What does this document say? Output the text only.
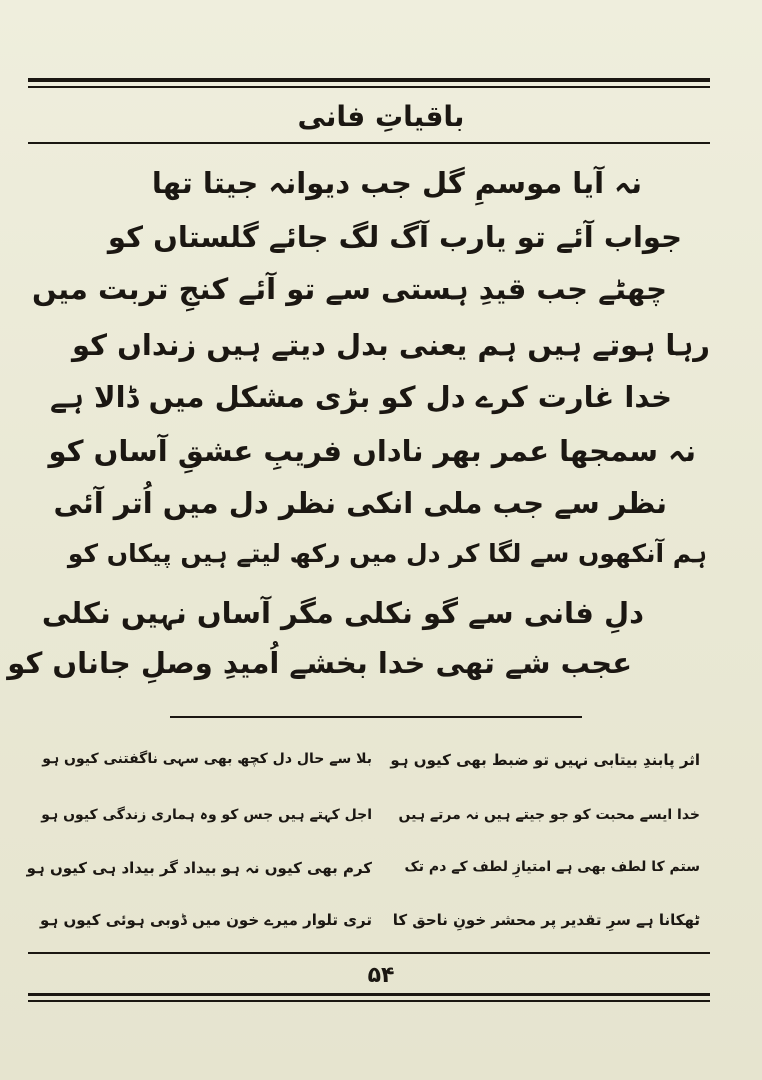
باقیاتِ فانی
نہ آیا موسمِ گل جب دیوانہ جیتا تھا
جواب آئے تو یارب آگ لگ جائے گلستاں کو
چھٹے جب قیدِ ہستی سے تو آئے کنجِ تربت میں
رہا ہوتے ہیں ہم یعنی بدل دیتے ہیں زنداں کو
خدا غارت کرے دل کو بڑی مشکل میں ڈالا ہے
نہ سمجھا عمر بھر ناداں فریبِ عشقِ آساں کو
نظر سے جب ملی انکی نظر دل میں اُتر آئی
ہم آنکھوں سے لگا کر دل میں رکھ لیتے ہیں پیکاں کو
دلِ فانی سے گو نکلی مگر آساں نہیں نکلی
عجب شے تھی خدا بخشے اُمیدِ وصلِ جاناں کو
اثر پابندِ بیتابی نہیں تو ضبط بھی کیوں ہو
خدا ایسے محبت کو جو جیتے ہیں نہ مرتے ہیں
ستم کا لطف بھی ہے امتیازِ لطف کے دم تک
ٹھکانا ہے سرِ تقدیر پر محشر خونِ ناحق کا
بلا سے حال دل کچھ بھی سہی ناگفتنی کیوں ہو
اجل کہتے ہیں جس کو وہ ہماری زندگی کیوں ہو
کرم بھی کیوں نہ ہو بیداد گر بیداد ہی کیوں ہو
تری تلوار میرے خون میں ڈوبی ہوئی کیوں ہو
۵۴
